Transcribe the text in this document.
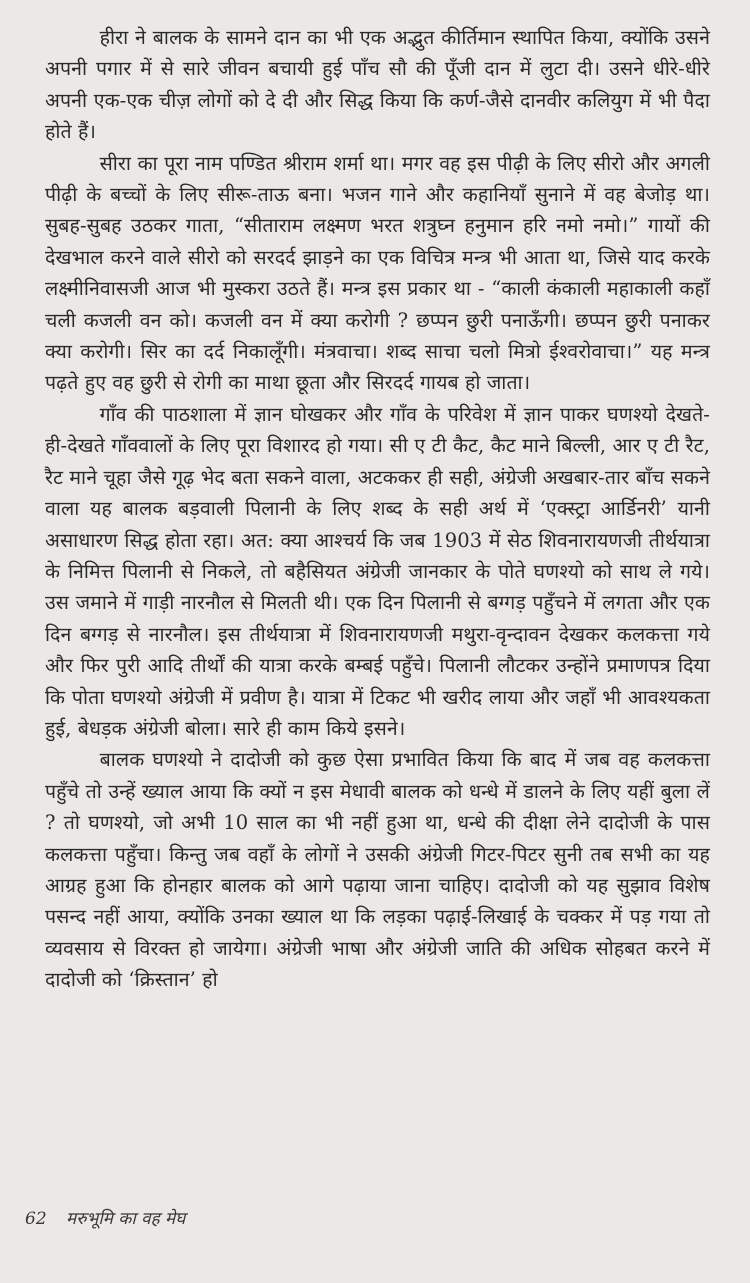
हीरा ने बालक के सामने दान का भी एक अद्भुत कीर्तिमान स्थापित किया, क्योंकि उसने अपनी पगार में से सारे जीवन बचायी हुई पाँच सौ की पूँजी दान में लुटा दी। उसने धीरे-धीरे अपनी एक-एक चीज़ लोगों को दे दी और सिद्ध किया कि कर्ण-जैसे दानवीर कलियुग में भी पैदा होते हैं।

सीरा का पूरा नाम पण्डित श्रीराम शर्मा था। मगर वह इस पीढ़ी के लिए सीरो और अगली पीढ़ी के बच्चों के लिए सीरू-ताऊ बना। भजन गाने और कहानियाँ सुनाने में वह बेजोड़ था। सुबह-सुबह उठकर गाता, “सीताराम लक्ष्मण भरत शत्रुघ्न हनुमान हरि नमो नमो।” गायों की देखभाल करने वाले सीरो को सरदर्द झाड़ने का एक विचित्र मन्त्र भी आता था, जिसे याद करके लक्ष्मीनिवासजी आज भी मुस्करा उठते हैं। मन्त्र इस प्रकार था - “काली कंकाली महाकाली कहाँ चली कजली वन को। कजली वन में क्या करोगी ? छप्पन छुरी पनाऊँगी। छप्पन छुरी पनाकर क्या करोगी। सिर का दर्द निकालूँगी। मंत्रवाचा। शब्द साचा चलो मित्रो ईश्वरोवाचा।” यह मन्त्र पढ़ते हुए वह छुरी से रोगी का माथा छूता और सिरदर्द गायब हो जाता।

गाँव की पाठशाला में ज्ञान घोखकर और गाँव के परिवेश में ज्ञान पाकर घणश्यो देखते-ही-देखते गाँववालों के लिए पूरा विशारद हो गया। सी ए टी कैट, कैट माने बिल्ली, आर ए टी रैट, रैट माने चूहा जैसे गूढ़ भेद बता सकने वाला, अटककर ही सही, अंग्रेजी अखबार-तार बाँच सकने वाला यह बालक बड़वाली पिलानी के लिए शब्द के सही अर्थ में ‘एक्स्ट्रा आर्डिनरी’ यानी असाधारण सिद्ध होता रहा। अत: क्या आश्चर्य कि जब 1903 में सेठ शिवनारायणजी तीर्थयात्रा के निमित्त पिलानी से निकले, तो बहैसियत अंग्रेजी जानकार के पोते घणश्यो को साथ ले गये। उस जमाने में गाड़ी नारनौल से मिलती थी। एक दिन पिलानी से बग्गड़ पहुँचने में लगता और एक दिन बग्गड़ से नारनौल। इस तीर्थयात्रा में शिवनारायणजी मथुरा-वृन्दावन देखकर कलकत्ता गये और फिर पुरी आदि तीर्थों की यात्रा करके बम्बई पहुँचे। पिलानी लौटकर उन्होंने प्रमाणपत्र दिया कि पोता घणश्यो अंग्रेजी में प्रवीण है। यात्रा में टिकट भी खरीद लाया और जहाँ भी आवश्यकता हुई, बेधड़क अंग्रेजी बोला। सारे ही काम किये इसने।

बालक घणश्यो ने दादोजी को कुछ ऐसा प्रभावित किया कि बाद में जब वह कलकत्ता पहुँचे तो उन्हें ख्याल आया कि क्यों न इस मेधावी बालक को धन्धे में डालने के लिए यहीं बुला लें ? तो घणश्यो, जो अभी 10 साल का भी नहीं हुआ था, धन्धे की दीक्षा लेने दादोजी के पास कलकत्ता पहुँचा। किन्तु जब वहाँ के लोगों ने उसकी अंग्रेजी गिटर-पिटर सुनी तब सभी का यह आग्रह हुआ कि होनहार बालक को आगे पढ़ाया जाना चाहिए। दादोजी को यह सुझाव विशेष पसन्द नहीं आया, क्योंकि उनका ख्याल था कि लड़का पढ़ाई-लिखाई के चक्कर में पड़ गया तो व्यवसाय से विरक्त हो जायेगा। अंग्रेजी भाषा और अंग्रेजी जाति की अधिक सोहबत करने में दादोजी को ‘क्रिस्तान’ हो

62 मरुभूमि का वह मेघ
